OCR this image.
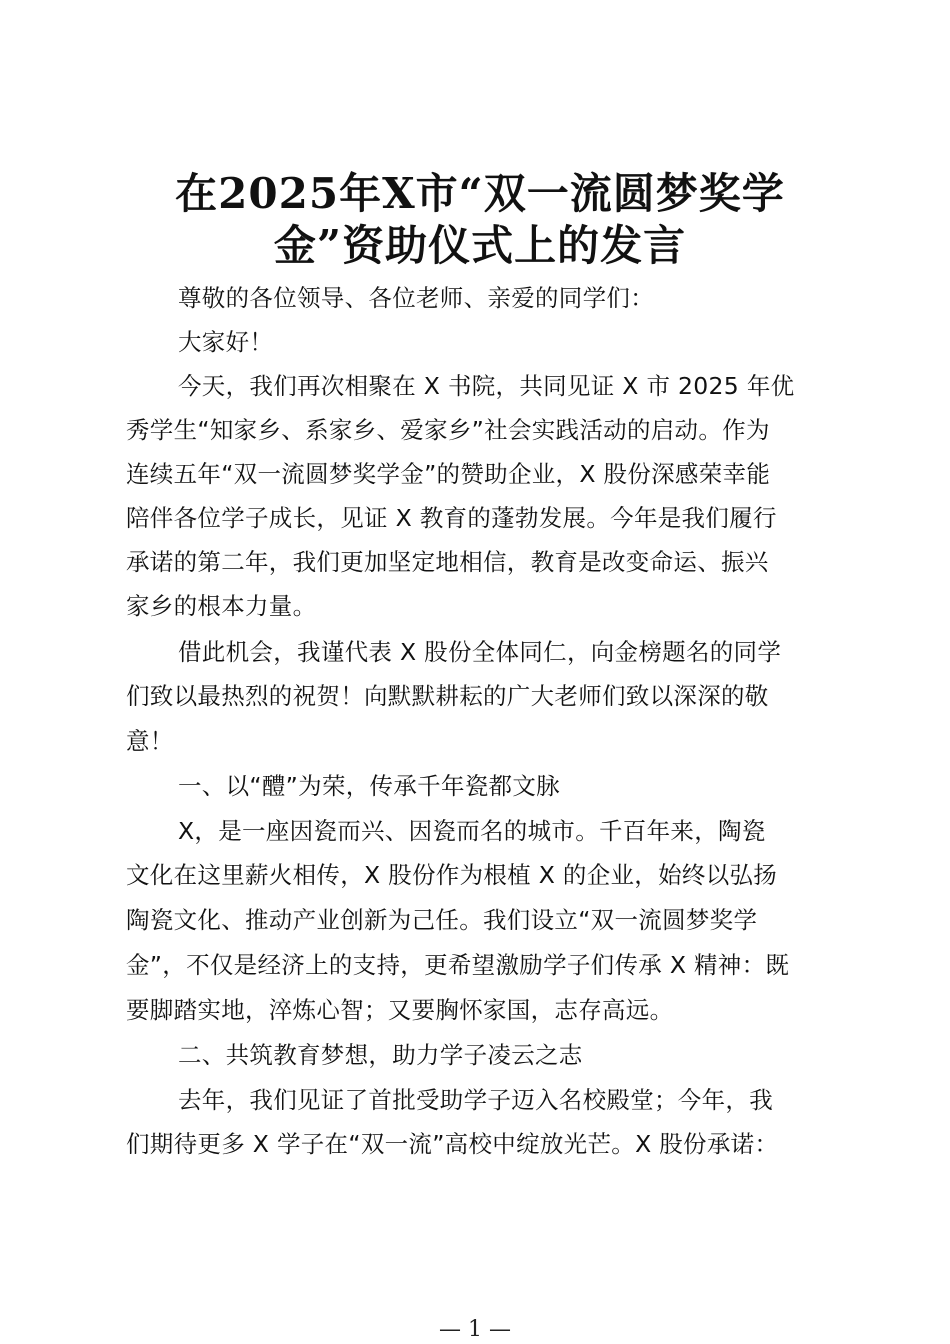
在2025年X市“双一流圆梦奖学
金”资助仪式上的发言
尊敬的各位领导、各位老师、亲爱的同学们：
大家好！
今天，我们再次相聚在 X 书院，共同见证 X 市 2025 年优
秀学生“知家乡、系家乡、爱家乡”社会实践活动的启动。作为
连续五年“双一流圆梦奖学金”的赞助企业，X 股份深感荣幸能
陪伴各位学子成长，见证 X 教育的蓬勃发展。今年是我们履行
承诺的第二年，我们更加坚定地相信，教育是改变命运、振兴
家乡的根本力量。
借此机会，我谨代表 X 股份全体同仁，向金榜题名的同学
们致以最热烈的祝贺！向默默耕耘的广大老师们致以深深的敬
意！
一、以“醴”为荣，传承千年瓷都文脉
X，是一座因瓷而兴、因瓷而名的城市。千百年来，陶瓷
文化在这里薪火相传，X 股份作为根植 X 的企业，始终以弘扬
陶瓷文化、推动产业创新为己任。我们设立“双一流圆梦奖学
金”，不仅是经济上的支持，更希望激励学子们传承 X 精神：既
要脚踏实地，淬炼心智；又要胸怀家国，志存高远。
二、共筑教育梦想，助力学子凌云之志
去年，我们见证了首批受助学子迈入名校殿堂；今年，我
们期待更多 X 学子在“双一流”高校中绽放光芒。X 股份承诺：
— 1 —
